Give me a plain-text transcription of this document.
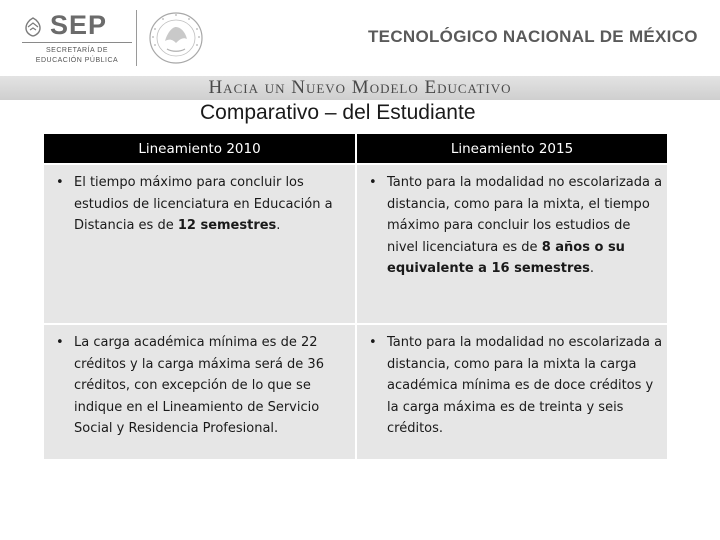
SEP
SECRETARÍA DE
EDUCACIÓN PÚBLICA
TECNOLÓGICO NACIONAL DE MÉXICO
Hacia un Nuevo Modelo Educativo
Comparativo – del Estudiante
Lineamiento 2010	Lineamiento 2015

• El tiempo máximo para concluir los estudios de licenciatura en Educación a Distancia es de 12 semestres.	• Tanto para la modalidad no escolarizada a distancia, como para la mixta, el tiempo máximo para concluir los estudios de nivel licenciatura es de 8 años o su equivalente a 16 semestres.

• La carga académica mínima es de 22 créditos y la carga máxima será de 36 créditos, con excepción de lo que se indique en el Lineamiento de Servicio Social y Residencia Profesional.	• Tanto para la modalidad no escolarizada a distancia, como para la mixta la carga académica mínima es de doce créditos y la carga máxima es de treinta y seis créditos.
